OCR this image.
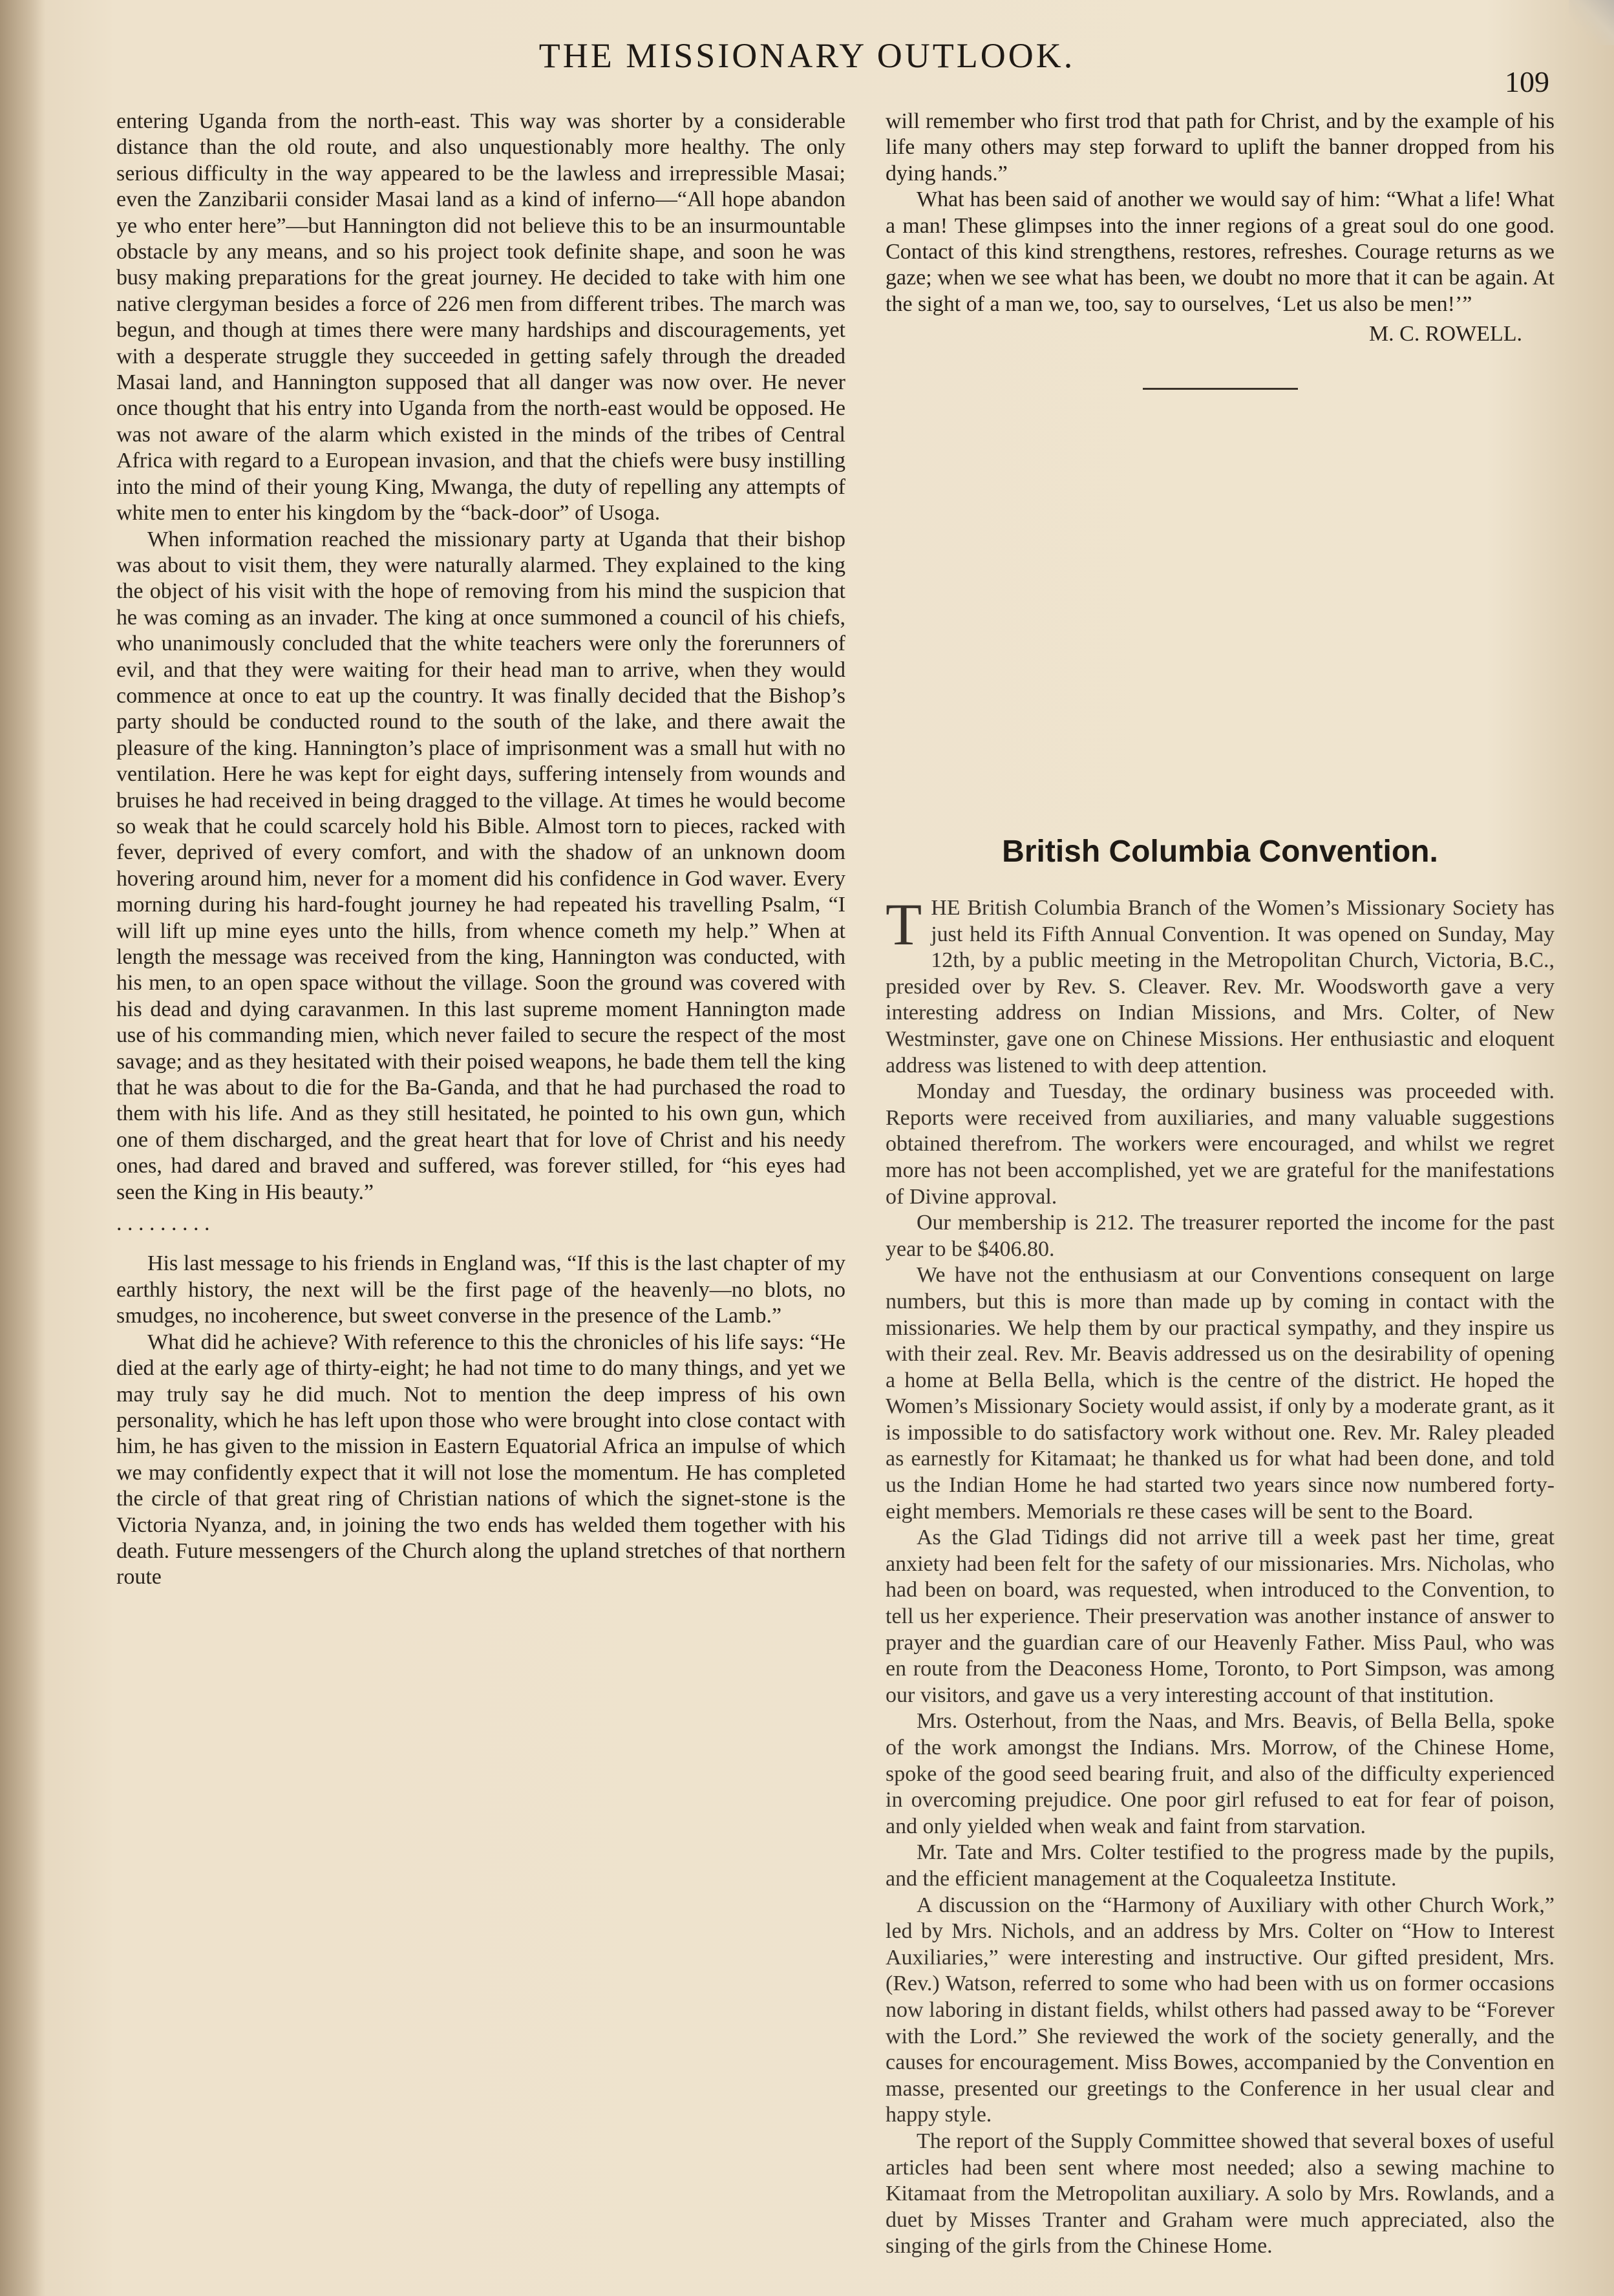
THE MISSIONARY OUTLOOK.
109

entering Uganda from the north-east. This way was shorter by a considerable distance than the old route, and also unquestionably more healthy. The only serious difficulty in the way appeared to be the lawless and irrepressible Masai; even the Zanzibarii consider Masai land as a kind of inferno—“All hope abandon ye who enter here”—but Hannington did not believe this to be an insurmountable obstacle by any means, and so his project took definite shape, and soon he was busy making preparations for the great journey. He decided to take with him one native clergyman besides a force of 226 men from different tribes. The march was begun, and though at times there were many hardships and discouragements, yet with a desperate struggle they succeeded in getting safely through the dreaded Masai land, and Hannington supposed that all danger was now over. He never once thought that his entry into Uganda from the north-east would be opposed. He was not aware of the alarm which existed in the minds of the tribes of Central Africa with regard to a European invasion, and that the chiefs were busy instilling into the mind of their young King, Mwanga, the duty of repelling any attempts of white men to enter his kingdom by the “back-door” of Usoga.

When information reached the missionary party at Uganda that their bishop was about to visit them, they were naturally alarmed. They explained to the king the object of his visit with the hope of removing from his mind the suspicion that he was coming as an invader. The king at once summoned a council of his chiefs, who unanimously concluded that the white teachers were only the forerunners of evil, and that they were waiting for their head man to arrive, when they would commence at once to eat up the country. It was finally decided that the Bishop’s party should be conducted round to the south of the lake, and there await the pleasure of the king. Hannington’s place of imprisonment was a small hut with no ventilation. Here he was kept for eight days, suffering intensely from wounds and bruises he had received in being dragged to the village. At times he would become so weak that he could scarcely hold his Bible. Almost torn to pieces, racked with fever, deprived of every comfort, and with the shadow of an unknown doom hovering around him, never for a moment did his confidence in God waver. Every morning during his hard-fought journey he had repeated his travelling Psalm, “I will lift up mine eyes unto the hills, from whence cometh my help.” When at length the message was received from the king, Hannington was conducted, with his men, to an open space without the village. Soon the ground was covered with his dead and dying caravanmen. In this last supreme moment Hannington made use of his commanding mien, which never failed to secure the respect of the most savage; and as they hesitated with their poised weapons, he bade them tell the king that he was about to die for the Ba-Ganda, and that he had purchased the road to them with his life. And as they still hesitated, he pointed to his own gun, which one of them discharged, and the great heart that for love of Christ and his needy ones, had dared and braved and suffered, was forever stilled, for “his eyes had seen the King in His beauty.”

. . . . . . . . .

His last message to his friends in England was, “If this is the last chapter of my earthly history, the next will be the first page of the heavenly—no blots, no smudges, no incoherence, but sweet converse in the presence of the Lamb.”

What did he achieve? With reference to this the chronicles of his life says: “He died at the early age of thirty-eight; he had not time to do many things, and yet we may truly say he did much. Not to mention the deep impress of his own personality, which he has left upon those who were brought into close contact with him, he has given to the mission in Eastern Equatorial Africa an impulse of which we may confidently expect that it will not lose the momentum. He has completed the circle of that great ring of Christian nations of which the signet-stone is the Victoria Nyanza, and, in joining the two ends has welded them together with his death. Future messengers of the Church along the upland stretches of that northern route

will remember who first trod that path for Christ, and by the example of his life many others may step forward to uplift the banner dropped from his dying hands.”

What has been said of another we would say of him: “What a life! What a man! These glimpses into the inner regions of a great soul do one good. Contact of this kind strengthens, restores, refreshes. Courage returns as we gaze; when we see what has been, we doubt no more that it can be again. At the sight of a man we, too, say to ourselves, ‘Let us also be men!’”

M. C. ROWELL.
British Columbia Convention.

THE British Columbia Branch of the Women’s Missionary Society has just held its Fifth Annual Convention. It was opened on Sunday, May 12th, by a public meeting in the Metropolitan Church, Victoria, B.C., presided over by Rev. S. Cleaver. Rev. Mr. Woodsworth gave a very interesting address on Indian Missions, and Mrs. Colter, of New Westminster, gave one on Chinese Missions. Her enthusiastic and eloquent address was listened to with deep attention.

Monday and Tuesday, the ordinary business was proceeded with. Reports were received from auxiliaries, and many valuable suggestions obtained therefrom. The workers were encouraged, and whilst we regret more has not been accomplished, yet we are grateful for the manifestations of Divine approval.

Our membership is 212. The treasurer reported the income for the past year to be $406.80.

We have not the enthusiasm at our Conventions consequent on large numbers, but this is more than made up by coming in contact with the missionaries. We help them by our practical sympathy, and they inspire us with their zeal. Rev. Mr. Beavis addressed us on the desirability of opening a home at Bella Bella, which is the centre of the district. He hoped the Women’s Missionary Society would assist, if only by a moderate grant, as it is impossible to do satisfactory work without one. Rev. Mr. Raley pleaded as earnestly for Kitamaat; he thanked us for what had been done, and told us the Indian Home he had started two years since now numbered forty-eight members. Memorials re these cases will be sent to the Board.

As the Glad Tidings did not arrive till a week past her time, great anxiety had been felt for the safety of our missionaries. Mrs. Nicholas, who had been on board, was requested, when introduced to the Convention, to tell us her experience. Their preservation was another instance of answer to prayer and the guardian care of our Heavenly Father. Miss Paul, who was en route from the Deaconess Home, Toronto, to Port Simpson, was among our visitors, and gave us a very interesting account of that institution.

Mrs. Osterhout, from the Naas, and Mrs. Beavis, of Bella Bella, spoke of the work amongst the Indians. Mrs. Morrow, of the Chinese Home, spoke of the good seed bearing fruit, and also of the difficulty experienced in overcoming prejudice. One poor girl refused to eat for fear of poison, and only yielded when weak and faint from starvation.

Mr. Tate and Mrs. Colter testified to the progress made by the pupils, and the efficient management at the Coqualeetza Institute.

A discussion on the “Harmony of Auxiliary with other Church Work,” led by Mrs. Nichols, and an address by Mrs. Colter on “How to Interest Auxiliaries,” were interesting and instructive. Our gifted president, Mrs. (Rev.) Watson, referred to some who had been with us on former occasions now laboring in distant fields, whilst others had passed away to be “Forever with the Lord.” She reviewed the work of the society generally, and the causes for encouragement. Miss Bowes, accompanied by the Convention en masse, presented our greetings to the Conference in her usual clear and happy style.

The report of the Supply Committee showed that several boxes of useful articles had been sent where most needed; also a sewing machine to Kitamaat from the Metropolitan auxiliary. A solo by Mrs. Rowlands, and a duet by Misses Tranter and Graham were much appreciated, also the singing of the girls from the Chinese Home.
